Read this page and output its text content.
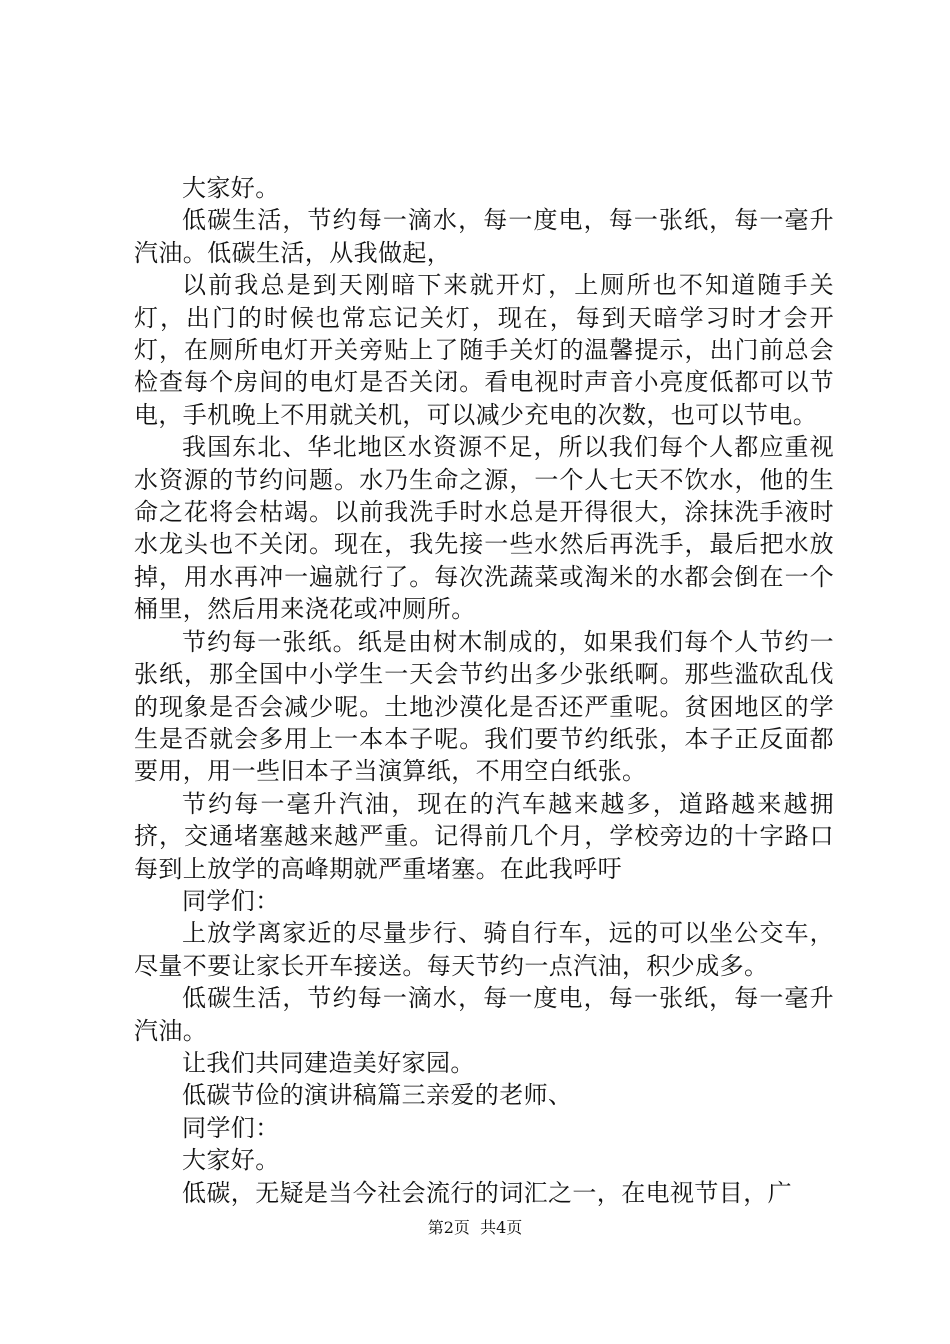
大家好。

低碳生活，节约每一滴水，每一度电，每一张纸，每一毫升汽油。低碳生活，从我做起，

以前我总是到天刚暗下来就开灯，上厕所也不知道随手关灯，出门的时候也常忘记关灯，现在，每到天暗学习时才会开灯，在厕所电灯开关旁贴上了随手关灯的温馨提示，出门前总会检查每个房间的电灯是否关闭。看电视时声音小亮度低都可以节电，手机晚上不用就关机，可以减少充电的次数，也可以节电。

我国东北、华北地区水资源不足，所以我们每个人都应重视水资源的节约问题。水乃生命之源，一个人七天不饮水，他的生命之花将会枯竭。以前我洗手时水总是开得很大，涂抹洗手液时水龙头也不关闭。现在，我先接一些水然后再洗手，最后把水放掉，用水再冲一遍就行了。每次洗蔬菜或淘米的水都会倒在一个桶里，然后用来浇花或冲厕所。

节约每一张纸。纸是由树木制成的，如果我们每个人节约一张纸，那全国中小学生一天会节约出多少张纸啊。那些滥砍乱伐的现象是否会减少呢。土地沙漠化是否还严重呢。贫困地区的学生是否就会多用上一本本子呢。我们要节约纸张，本子正反面都要用，用一些旧本子当演算纸，不用空白纸张。

节约每一毫升汽油，现在的汽车越来越多，道路越来越拥挤，交通堵塞越来越严重。记得前几个月，学校旁边的十字路口每到上放学的高峰期就严重堵塞。在此我呼吁

同学们：

上放学离家近的尽量步行、骑自行车，远的可以坐公交车，尽量不要让家长开车接送。每天节约一点汽油，积少成多。

低碳生活，节约每一滴水，每一度电，每一张纸，每一毫升汽油。

让我们共同建造美好家园。

低碳节俭的演讲稿篇三亲爱的老师、

同学们：

大家好。

低碳，无疑是当今社会流行的词汇之一，在电视节目，广

第2页  共4页
